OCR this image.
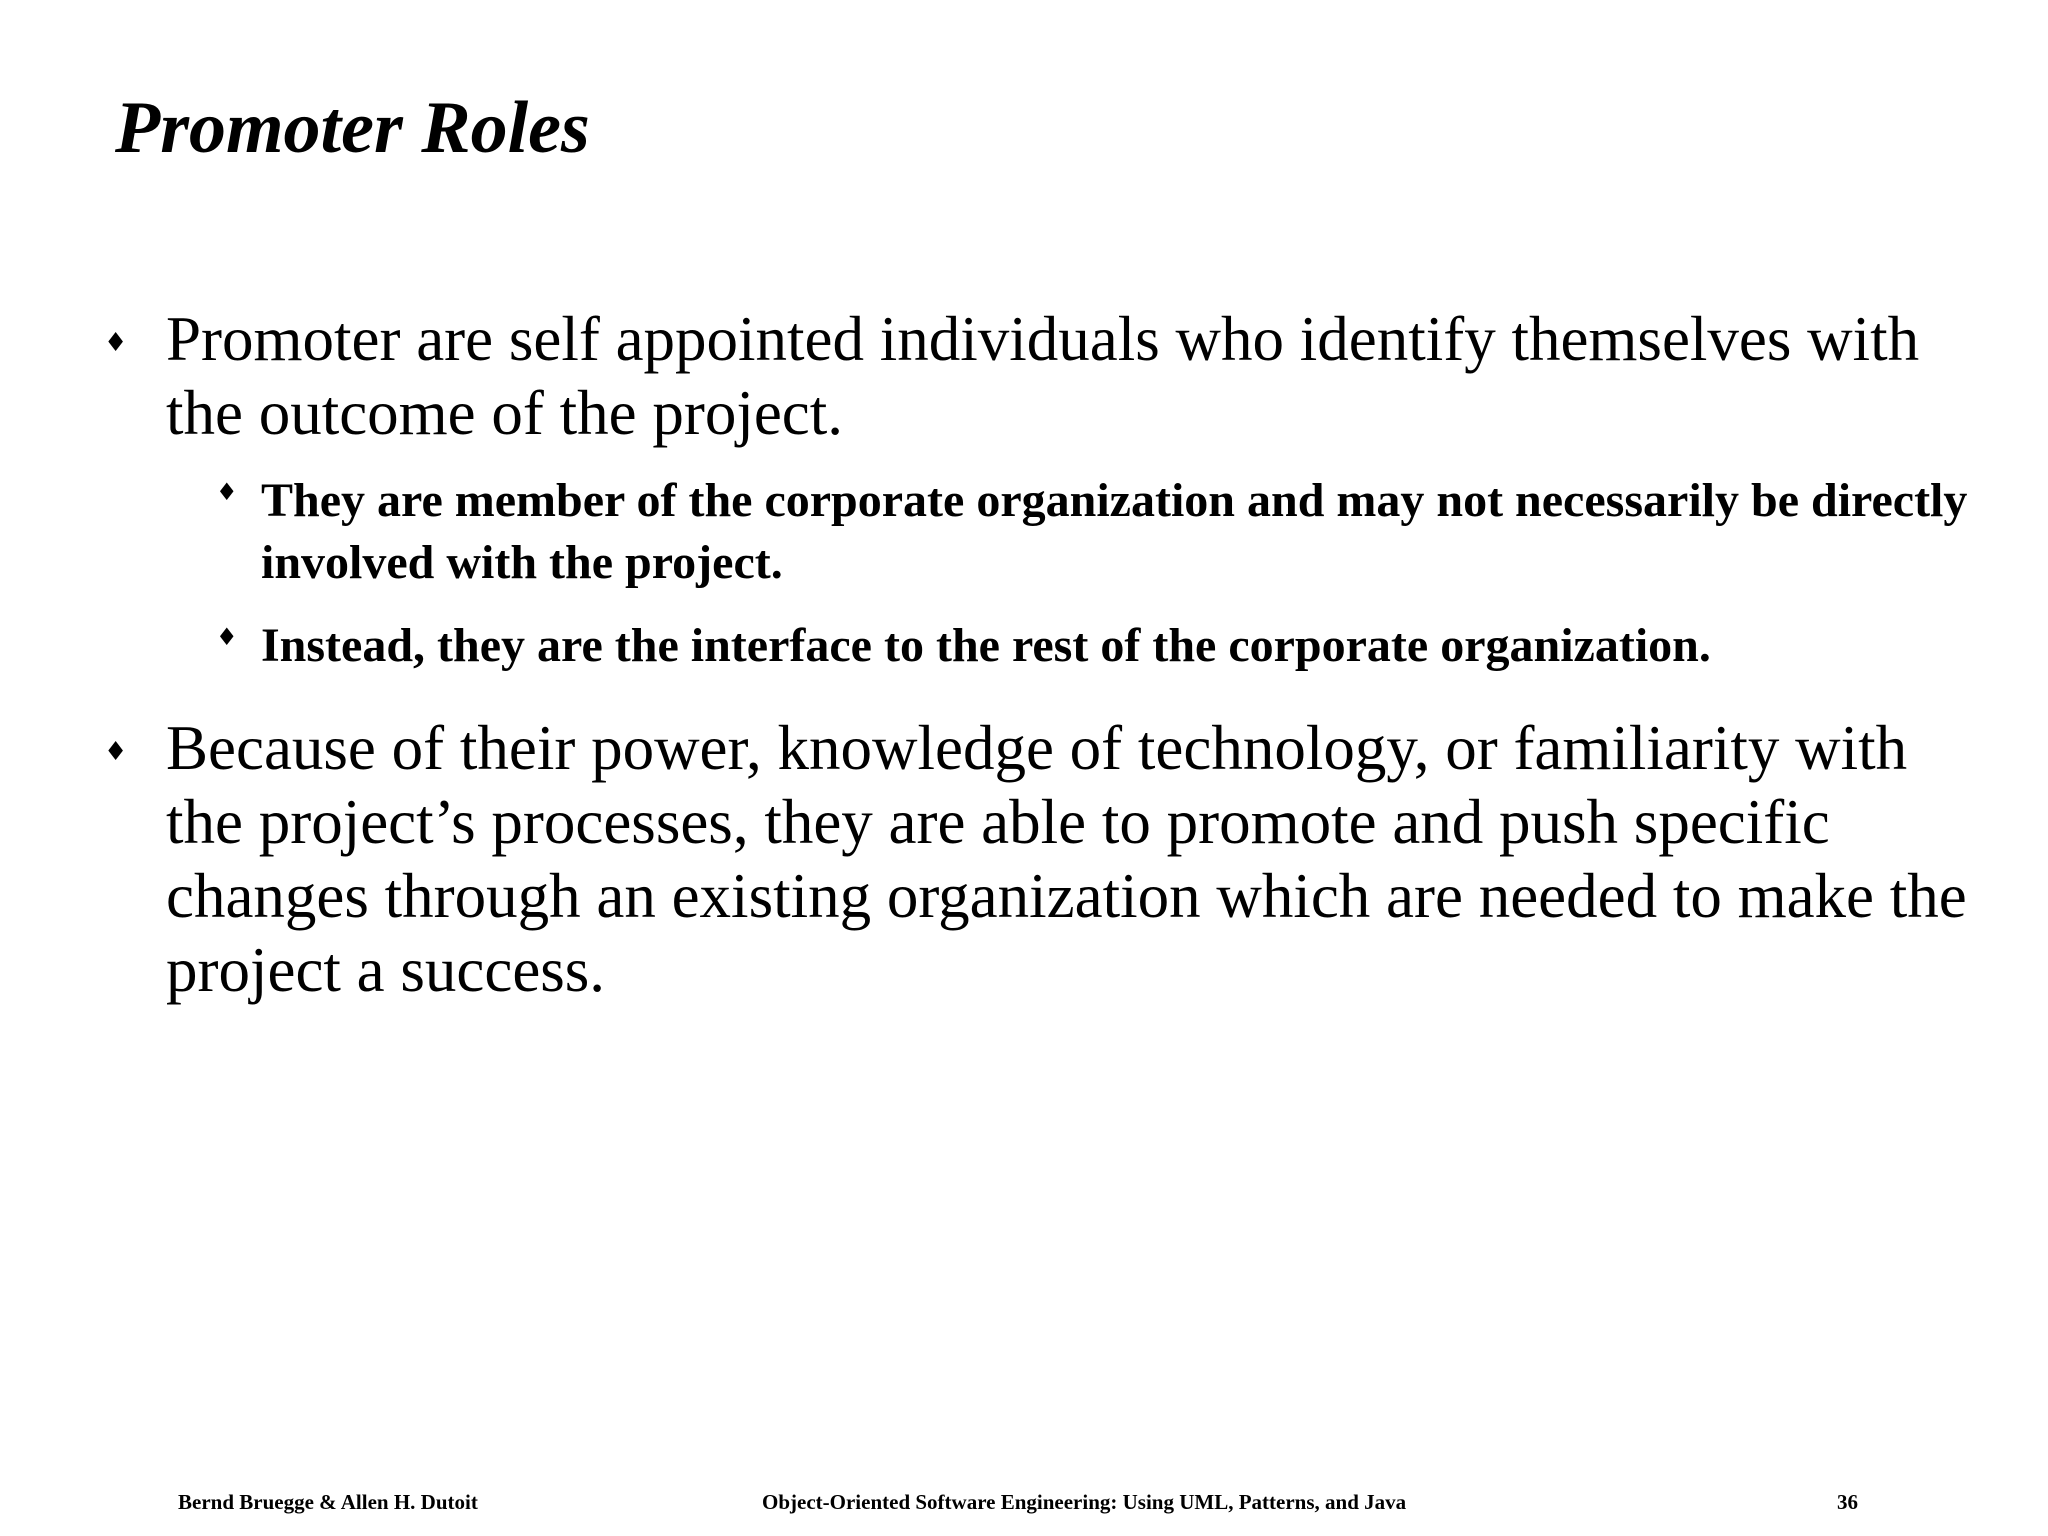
Promoter Roles
♦ Promoter are self appointed individuals who identify themselves with the outcome of the project.
♦ They are member of the corporate organization and may not necessarily be directly involved with the project.
♦ Instead, they are the interface to the rest of the corporate organization.
♦ Because of their power, knowledge of technology, or familiarity with the project’s processes, they are able to promote and push specific changes through an existing organization which are needed to make the project a success.
Bernd Bruegge & Allen H. Dutoit	Object-Oriented Software Engineering: Using UML, Patterns, and Java	36
